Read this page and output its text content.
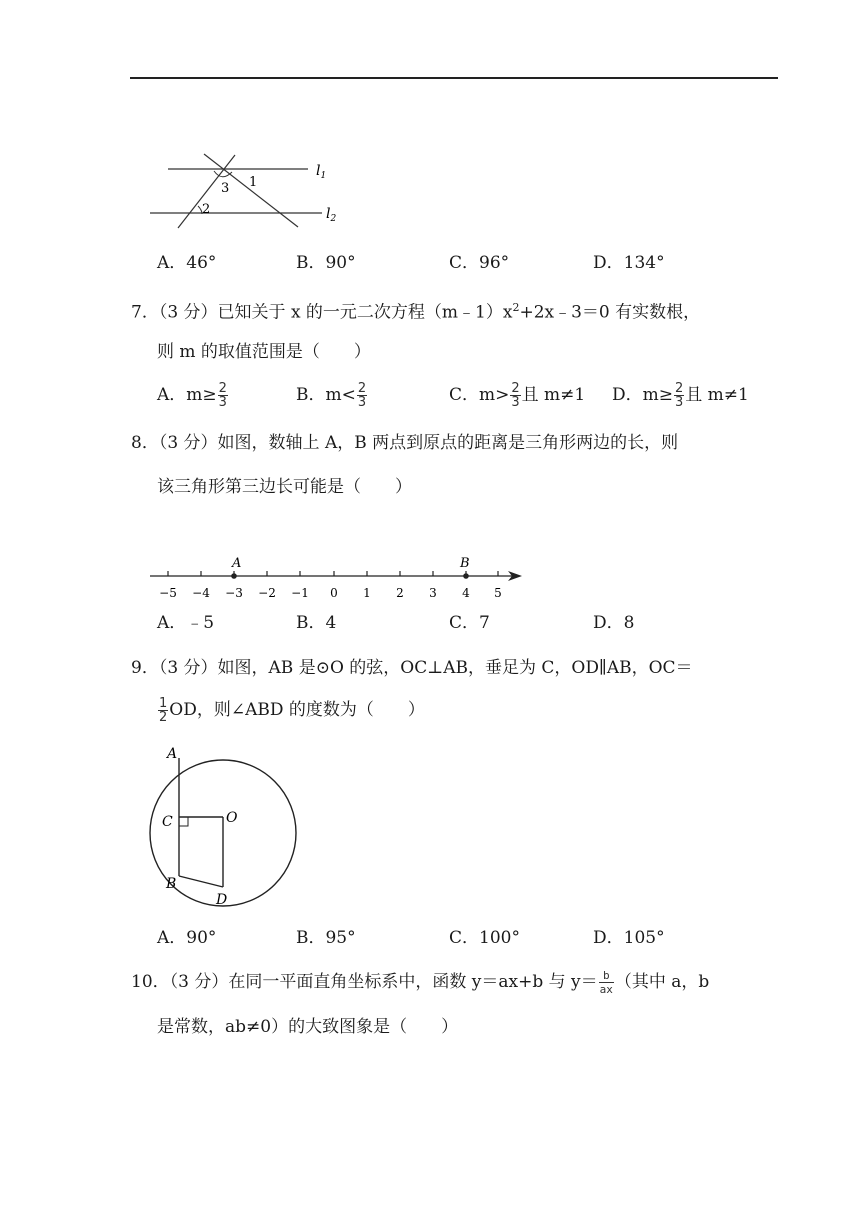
$l_1$
$l_2$
1
3
2
A．46°	B．90°	C．96°	D．134°
7．（3 分）已知关于 x 的一元二次方程$(m﹣1)x^2+2x﹣3=0$ 有实数根，
则 m 的取值范围是（　　）
A．$m\ge \frac{2}{3}$	B．$m< \frac{2}{3}$	C．$m> \frac{2}{3}$ 且 m≠1 D．$m\ge \frac{2}{3}$ 且 m≠1
8．（3 分）如图，数轴上 A，B 两点到原点的距离是三角形两边的长，则
该三角形第三边长可能是（　　）
A	B
−5 −4 −3 −2 −1 0 1 2 3 4 5
A．﹣5	B．4	C．7	D．8
9．（3 分）如图，AB 是⊙O 的弦，OC⊥AB，垂足为 C，OD∥AB，OC＝
$\frac{1}{2}$ OD，则∠ABD 的度数为（　　）
A
C	O
B
D
A．90°	B．95°	C．100°	D．105°
10．（3 分）在同一平面直角坐标系中，函数 y＝ax+b 与 $y= \frac{b}{ax}$ （其中 a，b
是常数，ab≠0）的大致图象是（　　）
